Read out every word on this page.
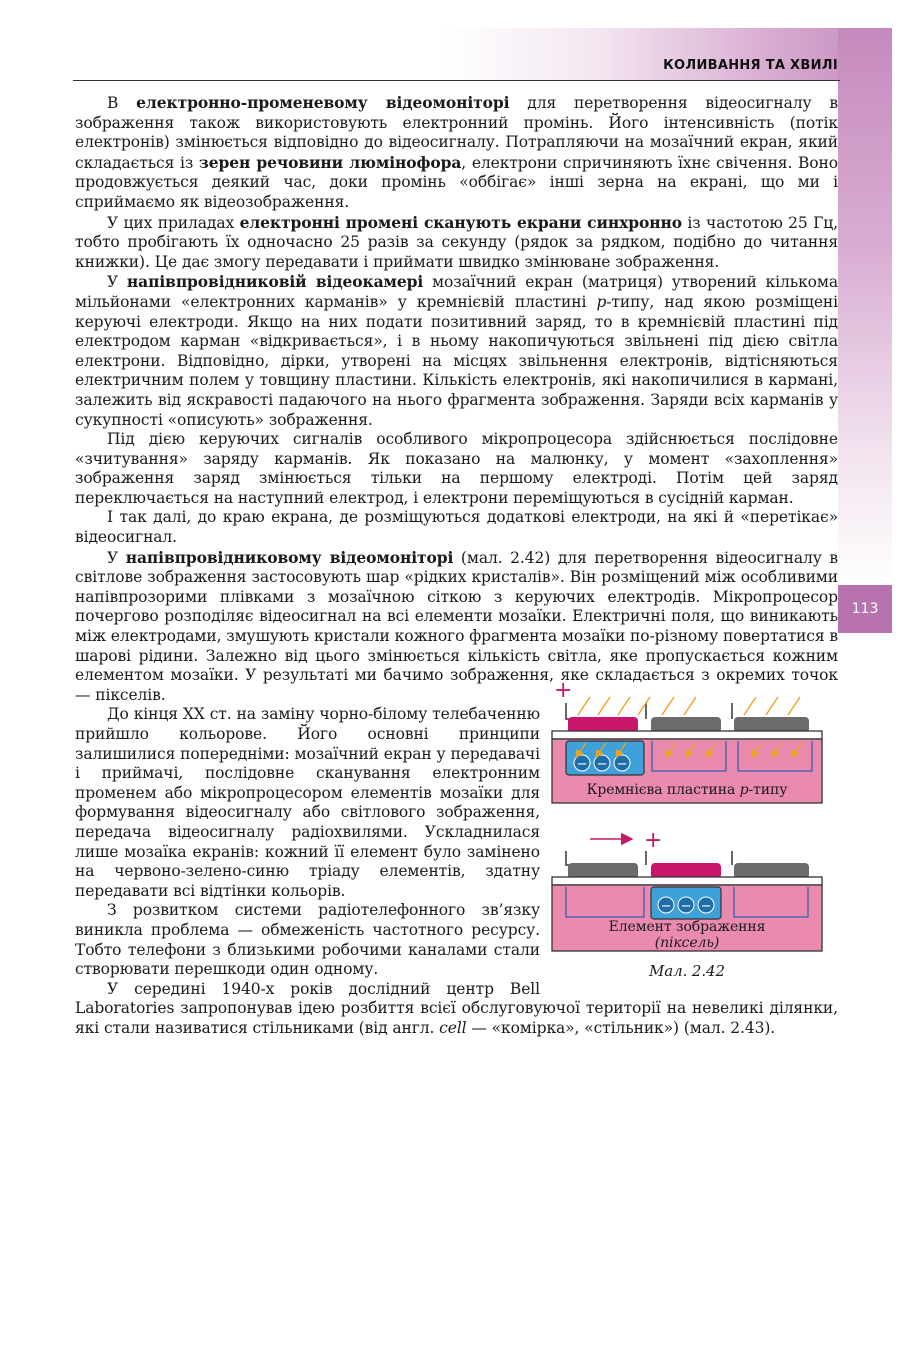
КОЛИВАННЯ ТА ХВИЛІ
113

В електронно-променевому відеомоніторі для перетворення відеосигналу в зображення також використовують електронний промінь. Його інтенсивність (потік електронів) змінюється відповідно до відеосигналу. Потрапляючи на мозаїчний екран, який складається із зерен речовини люмінофора, електрони спричиняють їхнє свічення. Воно продовжується деякий час, доки промінь «оббігає» інші зерна на екрані, що ми і сприймаємо як відеозображення.

У цих приладах електронні промені сканують екрани синхронно із частотою 25 Гц, тобто пробігають їх одночасно 25 разів за секунду (рядок за рядком, подібно до читання книжки). Це дає змогу передавати і приймати швидко змінюване зображення.

У напівпровідниковій відеокамері мозаїчний екран (матриця) утворений кількома мільйонами «електронних карманів» у кремнієвій пластині p-типу, над якою розміщені керуючі електроди. Якщо на них подати позитивний заряд, то в кремнієвій пластині під електродом карман «відкривається», і в ньому накопичуються звільнені під дією світла електрони. Відповідно, дірки, утворені на місцях звільнення електронів, відтісняються електричним полем у товщину пластини. Кількість електронів, які накопичилися в кармані, залежить від яскравості падаючого на нього фрагмента зображення. Заряди всіх карманів у сукупності «описують» зображення.

Під дією керуючих сигналів особливого мікропроцесора здійснюється послідовне «зчитування» заряду карманів. Як показано на малюнку, у момент «захоплення» зображення заряд змінюється тільки на першому електроді. Потім цей заряд переключається на наступний електрод, і електрони переміщуються в сусідній карман.

І так далі, до краю екрана, де розміщуються додаткові електроди, на які й «перетікає» відеосигнал.

У напівпровідниковому відеомоніторі (мал. 2.42) для перетворення відеосигналу в світлове зображення застосовують шар «рідких кристалів». Він розміщений між особливими напівпрозорими плівками з мозаїчною сіткою з керуючих електродів. Мікропроцесор почергово розподіляє відеосигнал на всі елементи мозаїки. Електричні поля, що виникають між електродами, змушують кристали кожного фрагмента мозаїки по-різному повертатися в шарові рідини. Залежно від цього змінюється кількість світла, яке пропускається кожним елементом мозаїки. У результаті ми бачимо зображення, яке складається з окремих точок — пікселів.	+
− − −
Кремнієва пластина p-типу
+
− − −
Елемент зображення
(піксель)
Мал. 2.42

До кінця XX ст. на заміну чорно-білому телебаченню прийшло кольорове. Його основні принципи залишилися попередніми: мозаїчний екран у передавачі і приймачі, послідовне сканування електронним променем або мікропроцесором елементів мозаїки для формування відеосигналу або світлового зображення, передача відеосигналу радіохвилями. Ускладнилася лише мозаїка екранів: кожний її елемент було замінено на червоно-зелено-синю тріаду елементів, здатну передавати всі відтінки кольорів.

З розвитком системи радіотелефонного зв’язку виникла проблема — обмеженість частотного ресурсу. Тобто телефони з близькими робочими каналами стали створювати перешкоди один одному.

У середині 1940-х років дослідний центр Bell Laboratories запропонував ідею розбиття всієї обслуговуючої території на невеликі ділянки, які стали називатися стільниками (від англ. cell — «комірка», «стільник») (мал. 2.43).
